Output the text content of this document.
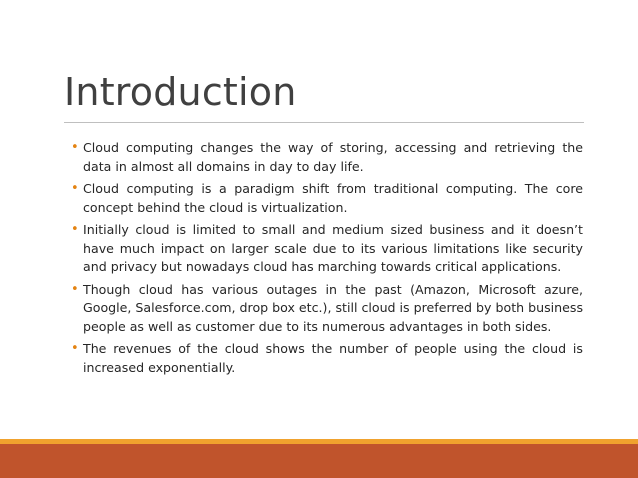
Introduction
• Cloud computing changes the way of storing, accessing and retrieving the data in almost all domains in day to day life.
• Cloud computing is a paradigm shift from traditional computing. The core concept behind the cloud is virtualization.
• Initially cloud is limited to small and medium sized business and it doesn’t have much impact on larger scale due to its various limitations like security and privacy but nowadays cloud has marching towards critical applications.
• Though cloud has various outages in the past (Amazon, Microsoft azure, Google, Salesforce.com, drop box etc.), still cloud is preferred by both business people as well as customer due to its numerous advantages in both sides.
• The revenues of the cloud shows the number of people using the cloud is increased exponentially.
